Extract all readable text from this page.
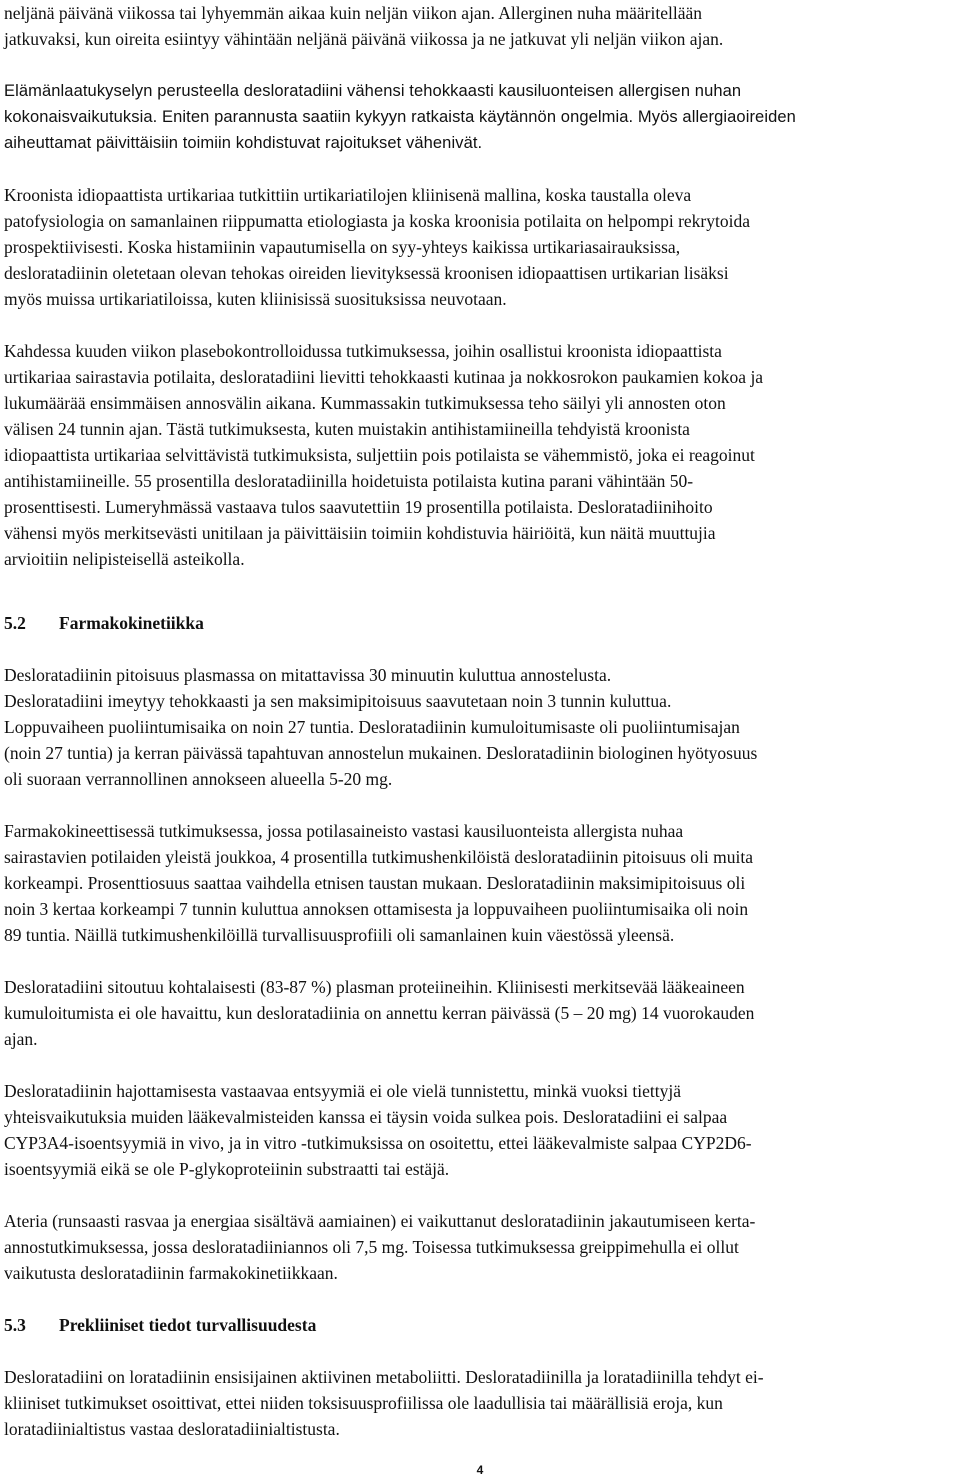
neljänä päivänä viikossa tai lyhyemmän aikaa kuin neljän viikon ajan. Allerginen nuha määritellään
jatkuvaksi, kun oireita esiintyy vähintään neljänä päivänä viikossa ja ne jatkuvat yli neljän viikon ajan.

Elämänlaatukyselyn perusteella desloratadiini vähensi tehokkaasti kausiluonteisen allergisen nuhan
kokonaisvaikutuksia. Eniten parannusta saatiin kykyyn ratkaista käytännön ongelmia. Myös allergiaoireiden
aiheuttamat päivittäisiin toimiin kohdistuvat rajoitukset vähenivät.

Kroonista idiopaattista urtikariaa tutkittiin urtikariatilojen kliinisenä mallina, koska taustalla oleva
patofysiologia on samanlainen riippumatta etiologiasta ja koska kroonisia potilaita on helpompi rekrytoida
prospektiivisesti. Koska histamiinin vapautumisella on syy-yhteys kaikissa urtikariasairauksissa,
desloratadiinin oletetaan olevan tehokas oireiden lievityksessä kroonisen idiopaattisen urtikarian lisäksi
myös muissa urtikariatiloissa, kuten kliinisissä suosituksissa neuvotaan.

Kahdessa kuuden viikon plasebokontrolloidussa tutkimuksessa, joihin osallistui kroonista idiopaattista
urtikariaa sairastavia potilaita, desloratadiini lievitti tehokkaasti kutinaa ja nokkosrokon paukamien kokoa ja
lukumäärää ensimmäisen annosvälin aikana. Kummassakin tutkimuksessa teho säilyi yli annosten oton
välisen 24 tunnin ajan. Tästä tutkimuksesta, kuten muistakin antihistamiineilla tehdyistä kroonista
idiopaattista urtikariaa selvittävistä tutkimuksista, suljettiin pois potilaista se vähemmistö, joka ei reagoinut
antihistamiineille. 55 prosentilla desloratadiinilla hoidetuista potilaista kutina parani vähintään 50-
prosenttisesti. Lumeryhmässä vastaava tulos saavutettiin 19 prosentilla potilaista. Desloratadiinihoito
vähensi myös merkitsevästi unitilaan ja päivittäisiin toimiin kohdistuvia häiriöitä, kun näitä muuttujia
arvioitiin nelipisteisellä asteikolla.

5.2	Farmakokinetiikka

Desloratadiinin pitoisuus plasmassa on mitattavissa 30 minuutin kuluttua annostelusta.
Desloratadiini imeytyy tehokkaasti ja sen maksimipitoisuus saavutetaan noin 3 tunnin kuluttua.
Loppuvaiheen puoliintumisaika on noin 27 tuntia. Desloratadiinin kumuloitumisaste oli puoliintumisajan
(noin 27 tuntia) ja kerran päivässä tapahtuvan annostelun mukainen. Desloratadiinin biologinen hyötyosuus
oli suoraan verrannollinen annokseen alueella 5-20 mg.

Farmakokineettisessä tutkimuksessa, jossa potilasaineisto vastasi kausiluonteista allergista nuhaa
sairastavien potilaiden yleistä joukkoa, 4 prosentilla tutkimushenkilöistä desloratadiinin pitoisuus oli muita
korkeampi. Prosenttiosuus saattaa vaihdella etnisen taustan mukaan. Desloratadiinin maksimipitoisuus oli
noin 3 kertaa korkeampi 7 tunnin kuluttua annoksen ottamisesta ja loppuvaiheen puoliintumisaika oli noin
89 tuntia. Näillä tutkimushenkilöillä turvallisuusprofiili oli samanlainen kuin väestössä yleensä.

Desloratadiini sitoutuu kohtalaisesti (83-87 %) plasman proteiineihin. Kliinisesti merkitsevää lääkeaineen
kumuloitumista ei ole havaittu, kun desloratadiinia on annettu kerran päivässä (5 – 20 mg) 14 vuorokauden
ajan.

Desloratadiinin hajottamisesta vastaavaa entsyymiä ei ole vielä tunnistettu, minkä vuoksi tiettyjä
yhteisvaikutuksia muiden lääkevalmisteiden kanssa ei täysin voida sulkea pois. Desloratadiini ei salpaa
CYP3A4-isoentsyymiä in vivo, ja in vitro -tutkimuksissa on osoitettu, ettei lääkevalmiste salpaa CYP2D6-
isoentsyymiä eikä se ole P-glykoproteiinin substraatti tai estäjä.

Ateria (runsaasti rasvaa ja energiaa sisältävä aamiainen) ei vaikuttanut desloratadiinin jakautumiseen kerta-
annostutkimuksessa, jossa desloratadiiniannos oli 7,5 mg. Toisessa tutkimuksessa greippimehulla ei ollut
vaikutusta desloratadiinin farmakokinetiikkaan.

5.3	Prekliiniset tiedot turvallisuudesta

Desloratadiini on loratadiinin ensisijainen aktiivinen metaboliitti. Desloratadiinilla ja loratadiinilla tehdyt ei-
kliiniset tutkimukset osoittivat, ettei niiden toksisuusprofiilissa ole laadullisia tai määrällisiä eroja, kun
loratadiinialtistus vastaa desloratadiinialtistusta.

4
